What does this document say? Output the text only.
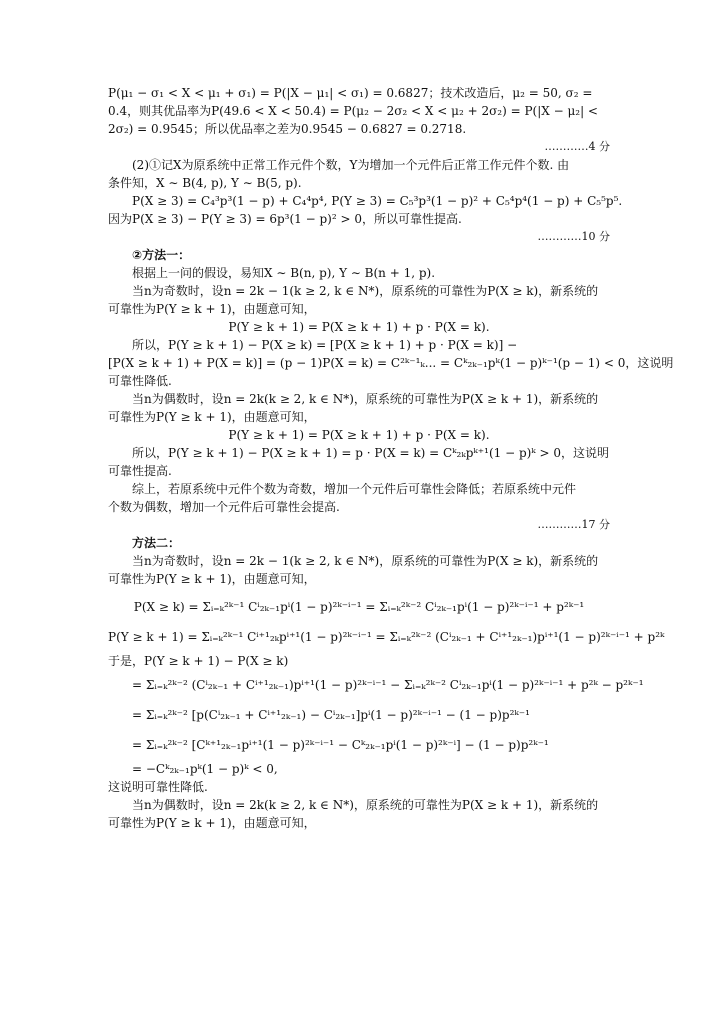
P(μ₁ − σ₁ < X < μ₁ + σ₁) = P(|X − μ₁| < σ₁) = 0.6827；技术改造后，μ₂ = 50, σ₂ =
0.4，则其优品率为P(49.6 < X < 50.4) = P(μ₂ − 2σ₂ < X < μ₂ + 2σ₂) = P(|X − μ₂| <
2σ₂) = 0.9545；所以优品率之差为0.9545 − 0.6827 = 0.2718.
…………4 分
(2)①记X为原系统中正常工作元件个数，Y为增加一个元件后正常工作元件个数. 由
条件知，X ∼ B(4, p), Y ∼ B(5, p).
P(X ≥ 3) = C₄³p³(1 − p) + C₄⁴p⁴, P(Y ≥ 3) = C₅³p³(1 − p)² + C₅⁴p⁴(1 − p) + C₅⁵p⁵.
因为P(X ≥ 3) − P(Y ≥ 3) = 6p³(1 − p)² > 0，所以可靠性提高.
…………10 分
②方法一：
根据上一问的假设，易知X ∼ B(n, p), Y ∼ B(n + 1, p).
当n为奇数时，设n = 2k − 1(k ≥ 2, k ∈ N*)，原系统的可靠性为P(X ≥ k)，新系统的
可靠性为P(Y ≥ k + 1)，由题意可知，
P(Y ≥ k + 1) = P(X ≥ k + 1) + p · P(X = k).
所以，P(Y ≥ k + 1) − P(X ≥ k) = [P(X ≥ k + 1) + p · P(X = k)] −
[P(X ≥ k + 1) + P(X = k)] = (p − 1)P(X = k) = C²ᵏ⁻¹ₖ... = Cᵏ₂ₖ₋₁pᵏ(1 − p)ᵏ⁻¹(p − 1) < 0，这说明
可靠性降低.
当n为偶数时，设n = 2k(k ≥ 2, k ∈ N*)，原系统的可靠性为P(X ≥ k + 1)，新系统的
可靠性为P(Y ≥ k + 1)，由题意可知，
P(Y ≥ k + 1) = P(X ≥ k + 1) + p · P(X = k).
所以，P(Y ≥ k + 1) − P(X ≥ k + 1) = p · P(X = k) = Cᵏ₂ₖpᵏ⁺¹(1 − p)ᵏ > 0，这说明
可靠性提高.
综上，若原系统中元件个数为奇数，增加一个元件后可靠性会降低；若原系统中元件
个数为偶数，增加一个元件后可靠性会提高.
…………17 分
方法二：
当n为奇数时，设n = 2k − 1(k ≥ 2, k ∈ N*)，原系统的可靠性为P(X ≥ k)，新系统的
可靠性为P(Y ≥ k + 1)，由题意可知，
P(X ≥ k) = Σᵢ₌ₖ²ᵏ⁻¹ Cⁱ₂ₖ₋₁pⁱ(1 − p)²ᵏ⁻ⁱ⁻¹ = Σᵢ₌ₖ²ᵏ⁻² Cⁱ₂ₖ₋₁pⁱ(1 − p)²ᵏ⁻ⁱ⁻¹ + p²ᵏ⁻¹
P(Y ≥ k + 1) = Σᵢ₌ₖ²ᵏ⁻¹ Cⁱ⁺¹₂ₖpⁱ⁺¹(1 − p)²ᵏ⁻ⁱ⁻¹ = Σᵢ₌ₖ²ᵏ⁻² (Cⁱ₂ₖ₋₁ + Cⁱ⁺¹₂ₖ₋₁)pⁱ⁺¹(1 − p)²ᵏ⁻ⁱ⁻¹ + p²ᵏ
于是，P(Y ≥ k + 1) − P(X ≥ k)
= Σᵢ₌ₖ²ᵏ⁻² (Cⁱ₂ₖ₋₁ + Cⁱ⁺¹₂ₖ₋₁)pⁱ⁺¹(1 − p)²ᵏ⁻ⁱ⁻¹ − Σᵢ₌ₖ²ᵏ⁻² Cⁱ₂ₖ₋₁pⁱ(1 − p)²ᵏ⁻ⁱ⁻¹ + p²ᵏ − p²ᵏ⁻¹
= Σᵢ₌ₖ²ᵏ⁻² [p(Cⁱ₂ₖ₋₁ + Cⁱ⁺¹₂ₖ₋₁) − Cⁱ₂ₖ₋₁]pⁱ(1 − p)²ᵏ⁻ⁱ⁻¹ − (1 − p)p²ᵏ⁻¹
= Σᵢ₌ₖ²ᵏ⁻² [Cᵏ⁺¹₂ₖ₋₁pⁱ⁺¹(1 − p)²ᵏ⁻ⁱ⁻¹ − Cᵏ₂ₖ₋₁pⁱ(1 − p)²ᵏ⁻ⁱ] − (1 − p)p²ᵏ⁻¹
= −Cᵏ₂ₖ₋₁pᵏ(1 − p)ᵏ < 0,
这说明可靠性降低.
当n为偶数时，设n = 2k(k ≥ 2, k ∈ N*)，原系统的可靠性为P(X ≥ k + 1)，新系统的
可靠性为P(Y ≥ k + 1)，由题意可知，
